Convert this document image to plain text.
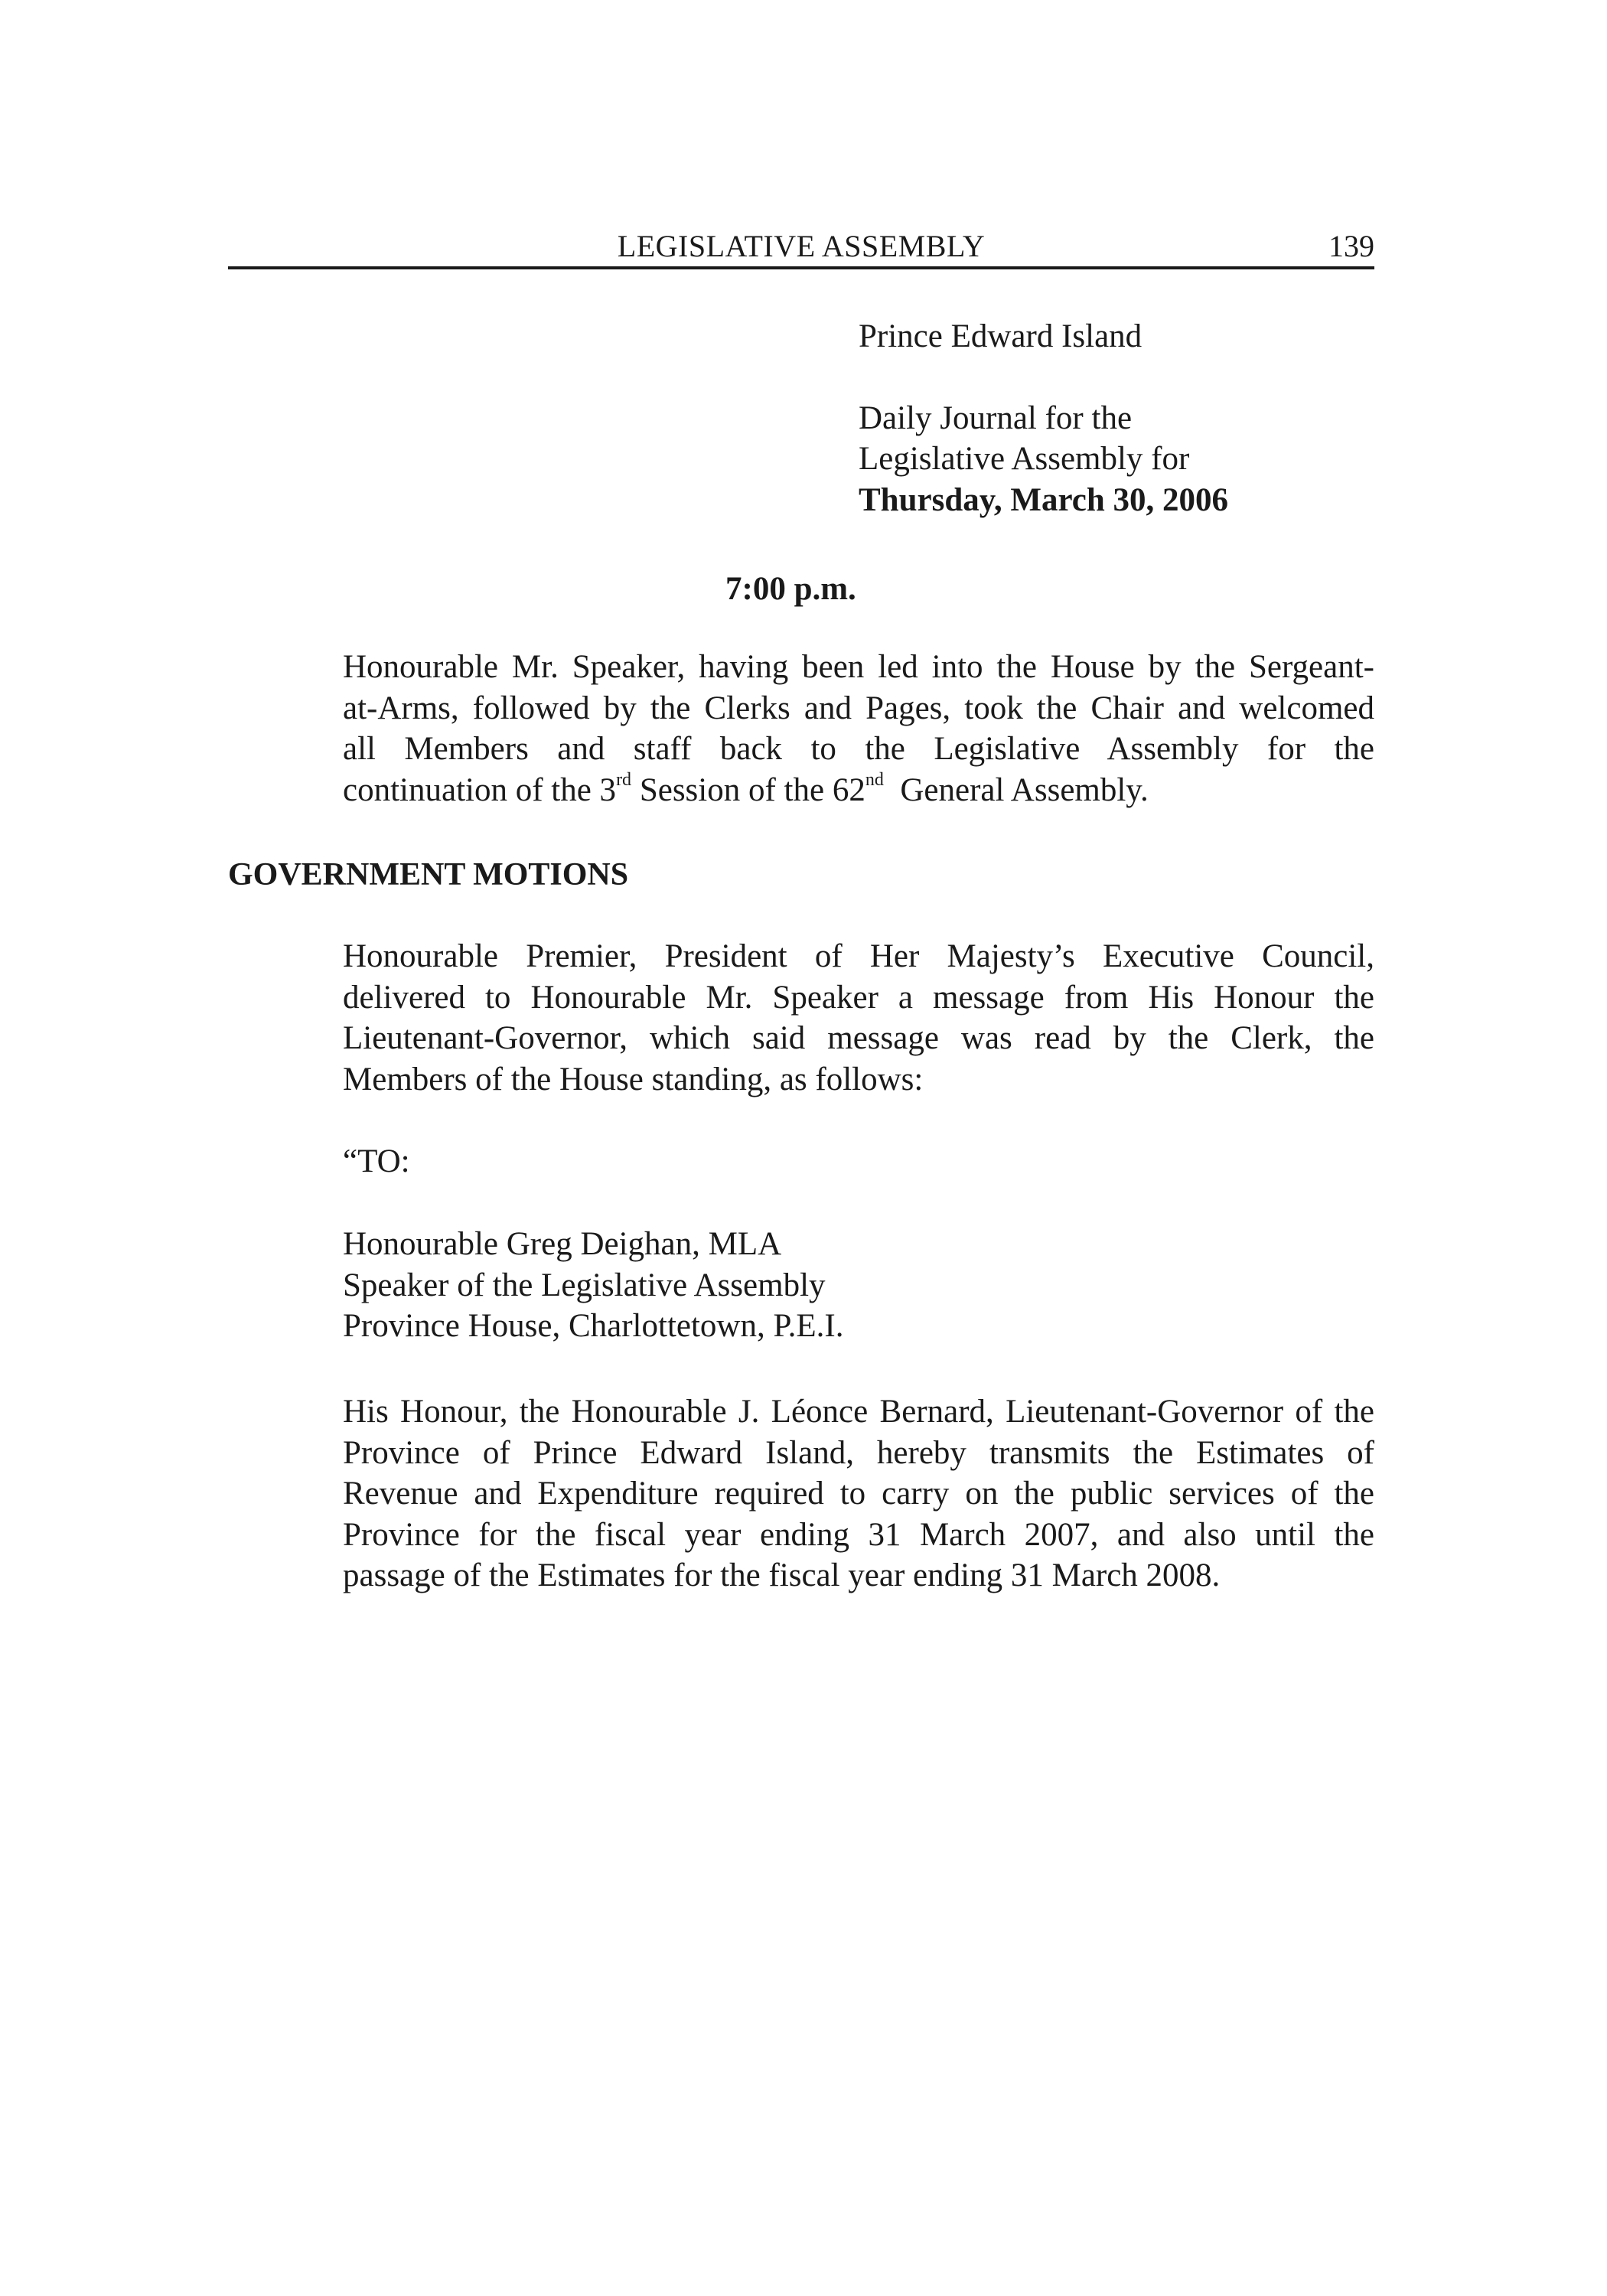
LEGISLATIVE ASSEMBLY	139
Prince Edward Island
Daily Journal for the
Legislative Assembly for
Thursday, March 30, 2006
7:00 p.m.
Honourable Mr. Speaker, having been led into the House by the Sergeant-
at-Arms, followed by the Clerks and Pages, took the Chair and welcomed
all Members and staff back to the Legislative Assembly for the
continuation of the 3rd Session of the 62nd  General Assembly.
GOVERNMENT MOTIONS
Honourable Premier, President of Her Majesty’s Executive Council,
delivered to Honourable Mr. Speaker a message from His Honour the
Lieutenant-Governor, which said message was read by the Clerk, the
Members of the House standing, as follows:
“TO:
Honourable Greg Deighan, MLA
Speaker of the Legislative Assembly
Province House, Charlottetown, P.E.I.
His Honour, the Honourable J. Léonce Bernard, Lieutenant-Governor of the
Province of Prince Edward Island, hereby transmits the Estimates of
Revenue and Expenditure required to carry on the public services of the
Province for the fiscal year ending 31 March 2007, and also until the
passage of the Estimates for the fiscal year ending 31 March 2008.
